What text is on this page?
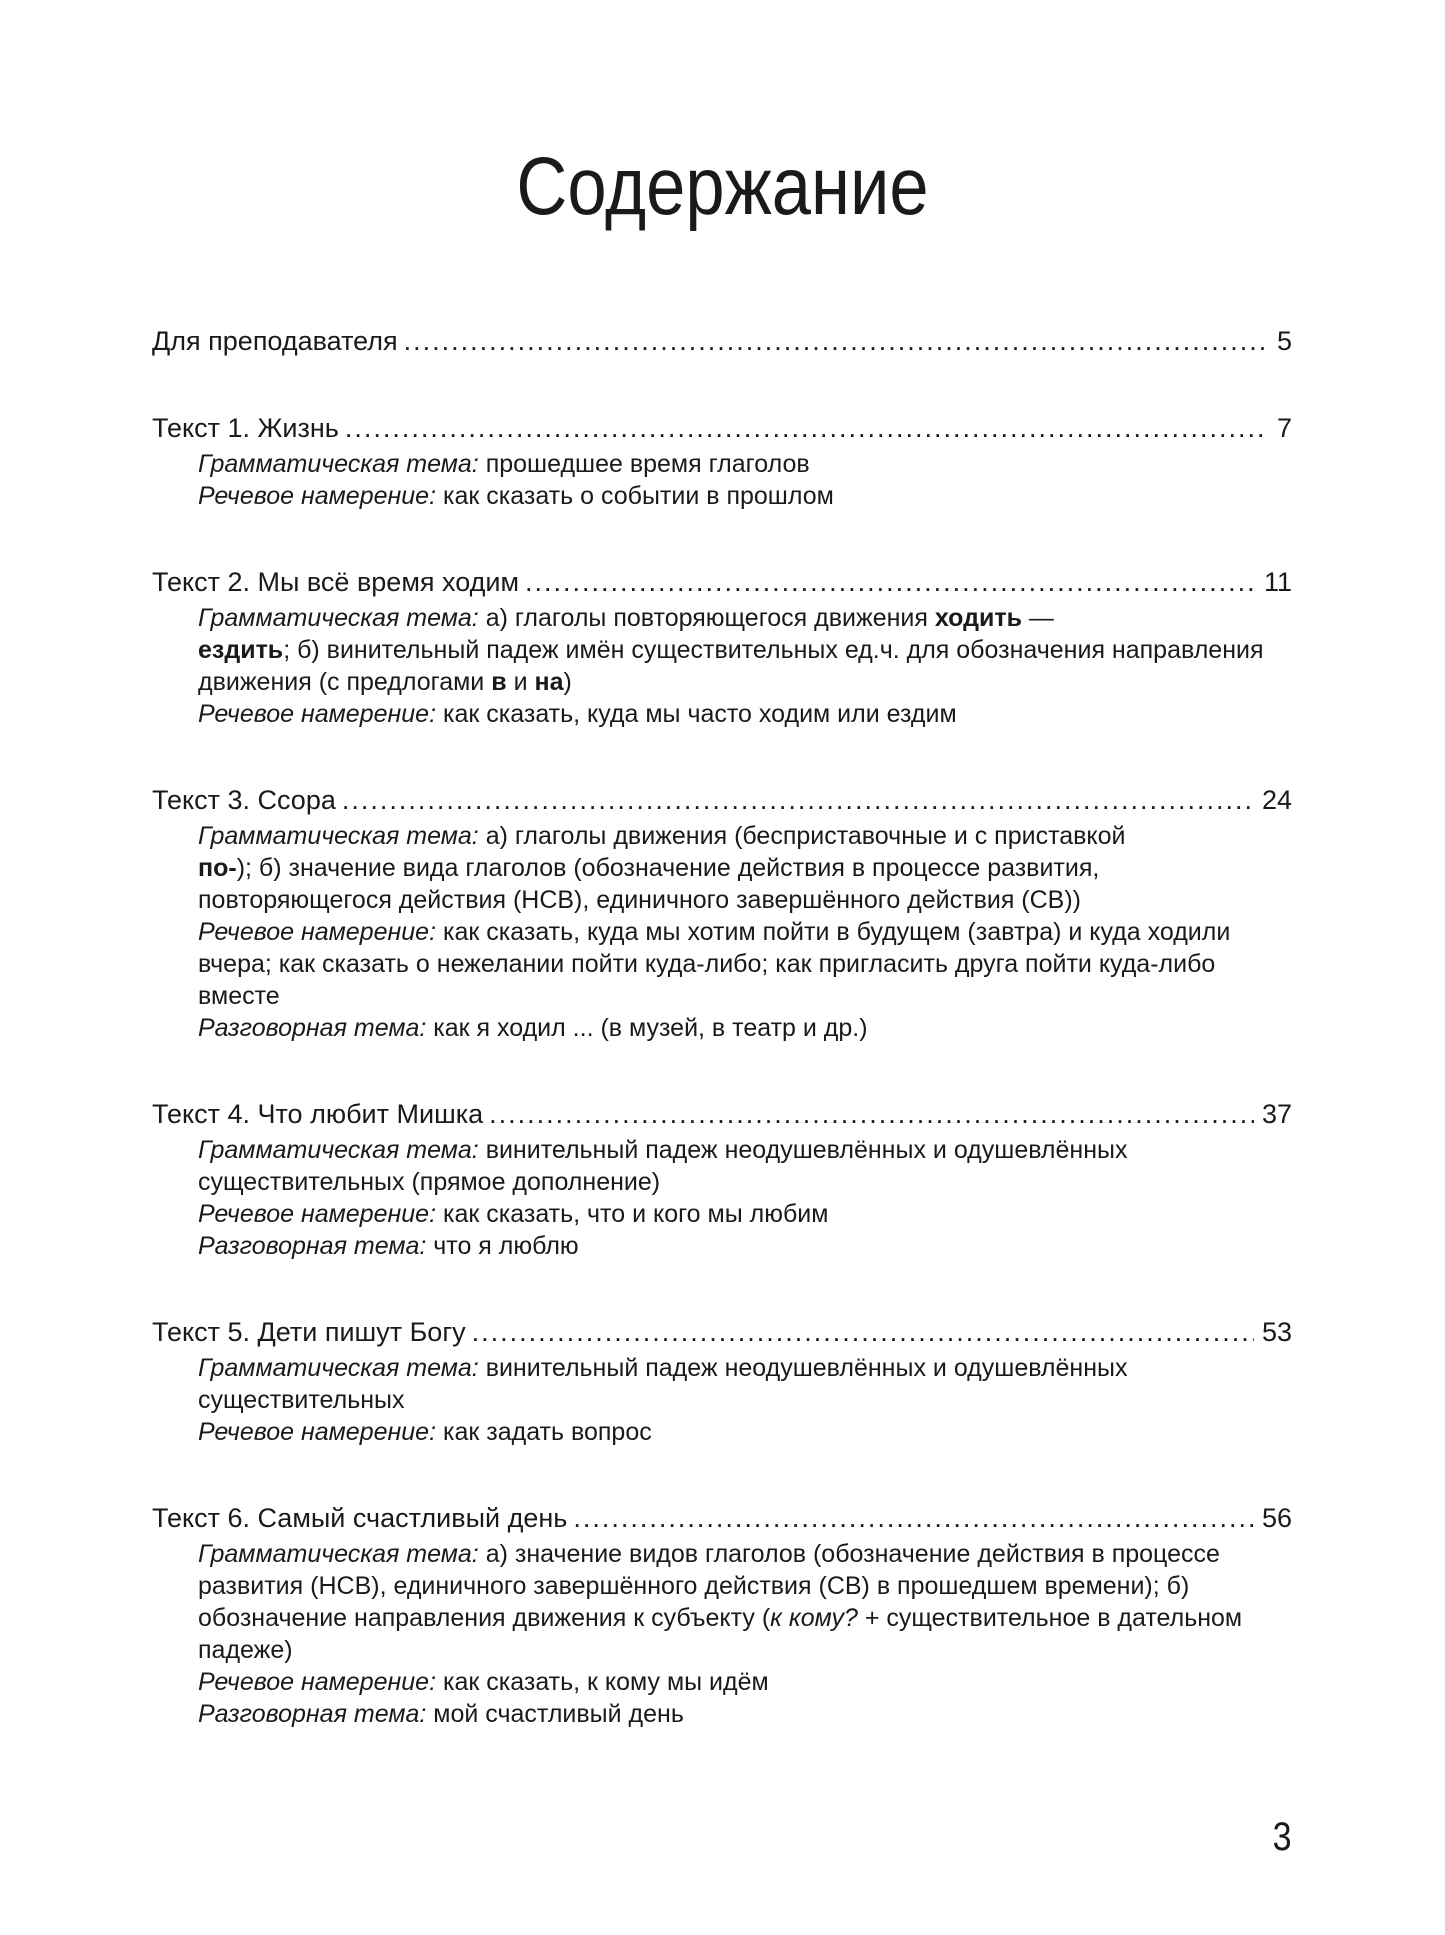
Содержание
Для преподавателя .....	5
Текст 1. Жизнь .....	7

Грамматическая тема: прошедшее время глаголов

Речевое намерение: как сказать о событии в прошлом

Текст 2. Мы всё время ходим .....	11

Грамматическая тема: а) глаголы повторяющегося движения ходить —
ездить; б) винительный падеж имён существительных ед.ч. для обозначения направления движения (с предлогами в и на)

Речевое намерение: как сказать, куда мы часто ходим или ездим

Текст 3. Ссора .....	24

Грамматическая тема: а) глаголы движения (бесприставочные и с приставкой
по-); б) значение вида глаголов (обозначение действия в процессе развития, повторяющегося действия (НСВ), единичного завершённого действия (СВ))

Речевое намерение: как сказать, куда мы хотим пойти в будущем (завтра) и куда ходили вчера; как сказать о нежелании пойти куда-либо; как пригласить друга пойти куда-либо вместе

Разговорная тема: как я ходил ... (в музей, в театр и др.)

Текст 4. Что любит Мишка .....	37

Грамматическая тема: винительный падеж неодушевлённых и одушевлённых существительных (прямое дополнение)

Речевое намерение: как сказать, что и кого мы любим

Разговорная тема: что я люблю

Текст 5. Дети пишут Богу .....	53

Грамматическая тема: винительный падеж неодушевлённых и одушевлённых существительных

Речевое намерение: как задать вопрос

Текст 6. Самый счастливый день .....	56

Грамматическая тема: а) значение видов глаголов (обозначение действия в процессе развития (НСВ), единичного завершённого действия (СВ) в прошедшем времени); б) обозначение направления движения к субъекту (к кому? + существительное в дательном падеже)

Речевое намерение: как сказать, к кому мы идём

Разговорная тема: мой счастливый день

3
